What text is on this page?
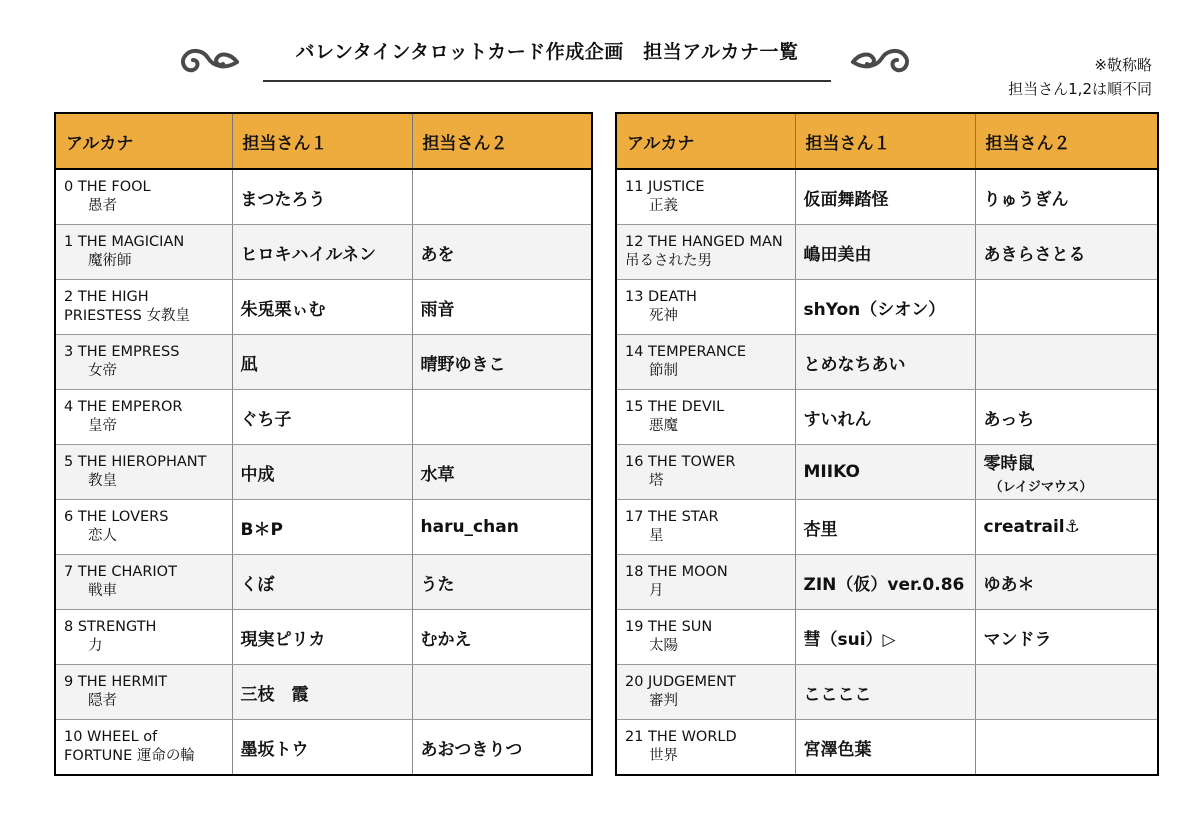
バレンタインタロットカード作成企画　担当アルカナ一覧
※敬称略

担当さん1,2は順不同
アルカナ	担当さん１	担当さん２

0 THE FOOL
愚者	まつたろう	

1 THE MAGICIAN
魔術師	ヒロキハイルネン	あを

2 THE HIGH PRIESTESS 女教皇	朱兎栗ぃむ	雨音

3 THE EMPRESS
女帝	凪	晴野ゆきこ

4 THE EMPEROR
皇帝	ぐち子	

5 THE HIEROPHANT
教皇	中成	水草

6 THE LOVERS
恋人	B＊P	haru_chan

7 THE CHARIOT
戦車	くぼ	うた

8 STRENGTH
力	現実ピリカ	むかえ

9 THE HERMIT
隠者	三枝　霞	

10 WHEEL of FORTUNE 運命の輪	墨坂トウ	あおつきりつ
アルカナ	担当さん１	担当さん２

11 JUSTICE
正義	仮面舞踏怪	りゅうぎん

12 THE HANGED MAN 吊るされた男	嶋田美由	あきらさとる

13 DEATH
死神	shYon（シオン）	

14 TEMPERANCE
節制	とめなちあい	

15 THE DEVIL
悪魔	すいれん	あっち

16 THE TOWER
塔	MIIKO	零時鼠
（レイジマウス）

17 THE STAR
星	杏里	creatrail⚓

18 THE MOON
月	ZIN（仮）ver.0.86	ゆあ＊

19 THE SUN
太陽	彗（sui）▷	マンドラ

20 JUDGEMENT
審判	ここここ	

21 THE WORLD
世界	宮澤色葉	
